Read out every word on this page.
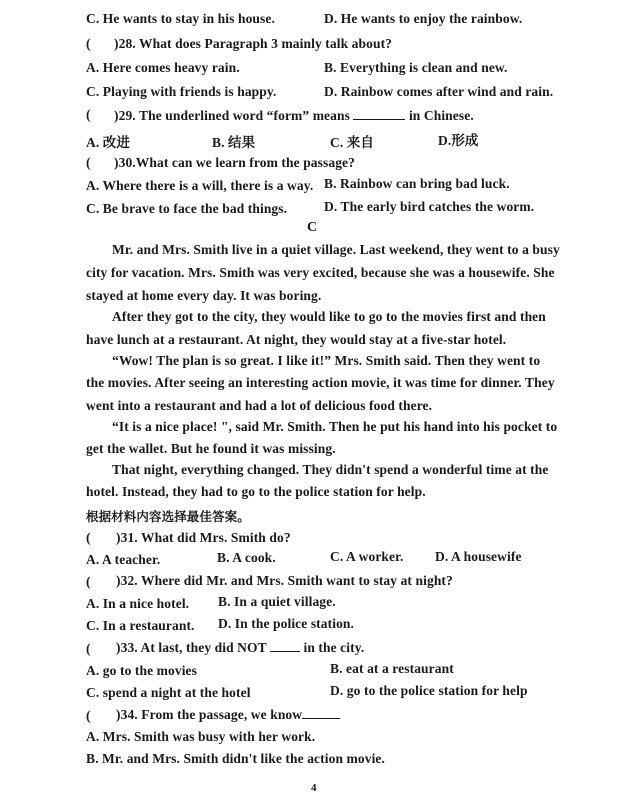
C. He wants to stay in his house.	D. He wants to enjoy the rainbow.
( )28. What does Paragraph 3 mainly talk about?
A. Here comes heavy rain.	B. Everything is clean and new.
C. Playing with friends is happy.	D. Rainbow comes after wind and rain.
( )29. The underlined word “form” means	in Chinese.
A. 改进	B. 结果	C. 来自	D.形成
( )30.What can we learn from the passage?
A. Where there is a will, there is a way. B. Rainbow can bring bad luck.
C. Be brave to face the bad things.	D. The early bird catches the worm.
C
Mr. and Mrs. Smith live in a quiet village. Last weekend, they went to a busy
city for vacation. Mrs. Smith was very excited, because she was a housewife. She
stayed at home every day. It was boring.
After they got to the city, they would like to go to the movies first and then
have lunch at a restaurant. At night, they would stay at a five-star hotel.
“Wow! The plan is so great. I like it!” Mrs. Smith said. Then they went to
the movies. After seeing an interesting action movie, it was time for dinner. They
went into a restaurant and had a lot of delicious food there.
“It is a nice place! ", said Mr. Smith. Then he put his hand into his pocket to
get the wallet. But he found it was missing.
That night, everything changed. They didn't spend a wonderful time at the
hotel. Instead, they had to go to the police station for help.
根据材料内容选择最佳答案。
( )31. What did Mrs. Smith do?
A. A teacher.	B. A cook.	C. A worker. D. A housewife
( )32. Where did Mr. and Mrs. Smith want to stay at night?
A. In a nice hotel. B. In a quiet village.
C. In a restaurant. D. In the police station.
( )33. At last, they did NOT	in the city.
A. go to the movies	B. eat at a restaurant
C. spend a night at the hotel	D. go to the police station for help
( )34. From the passage, we know
A. Mrs. Smith was busy with her work.
B. Mr. and Mrs. Smith didn't like the action movie.
4
